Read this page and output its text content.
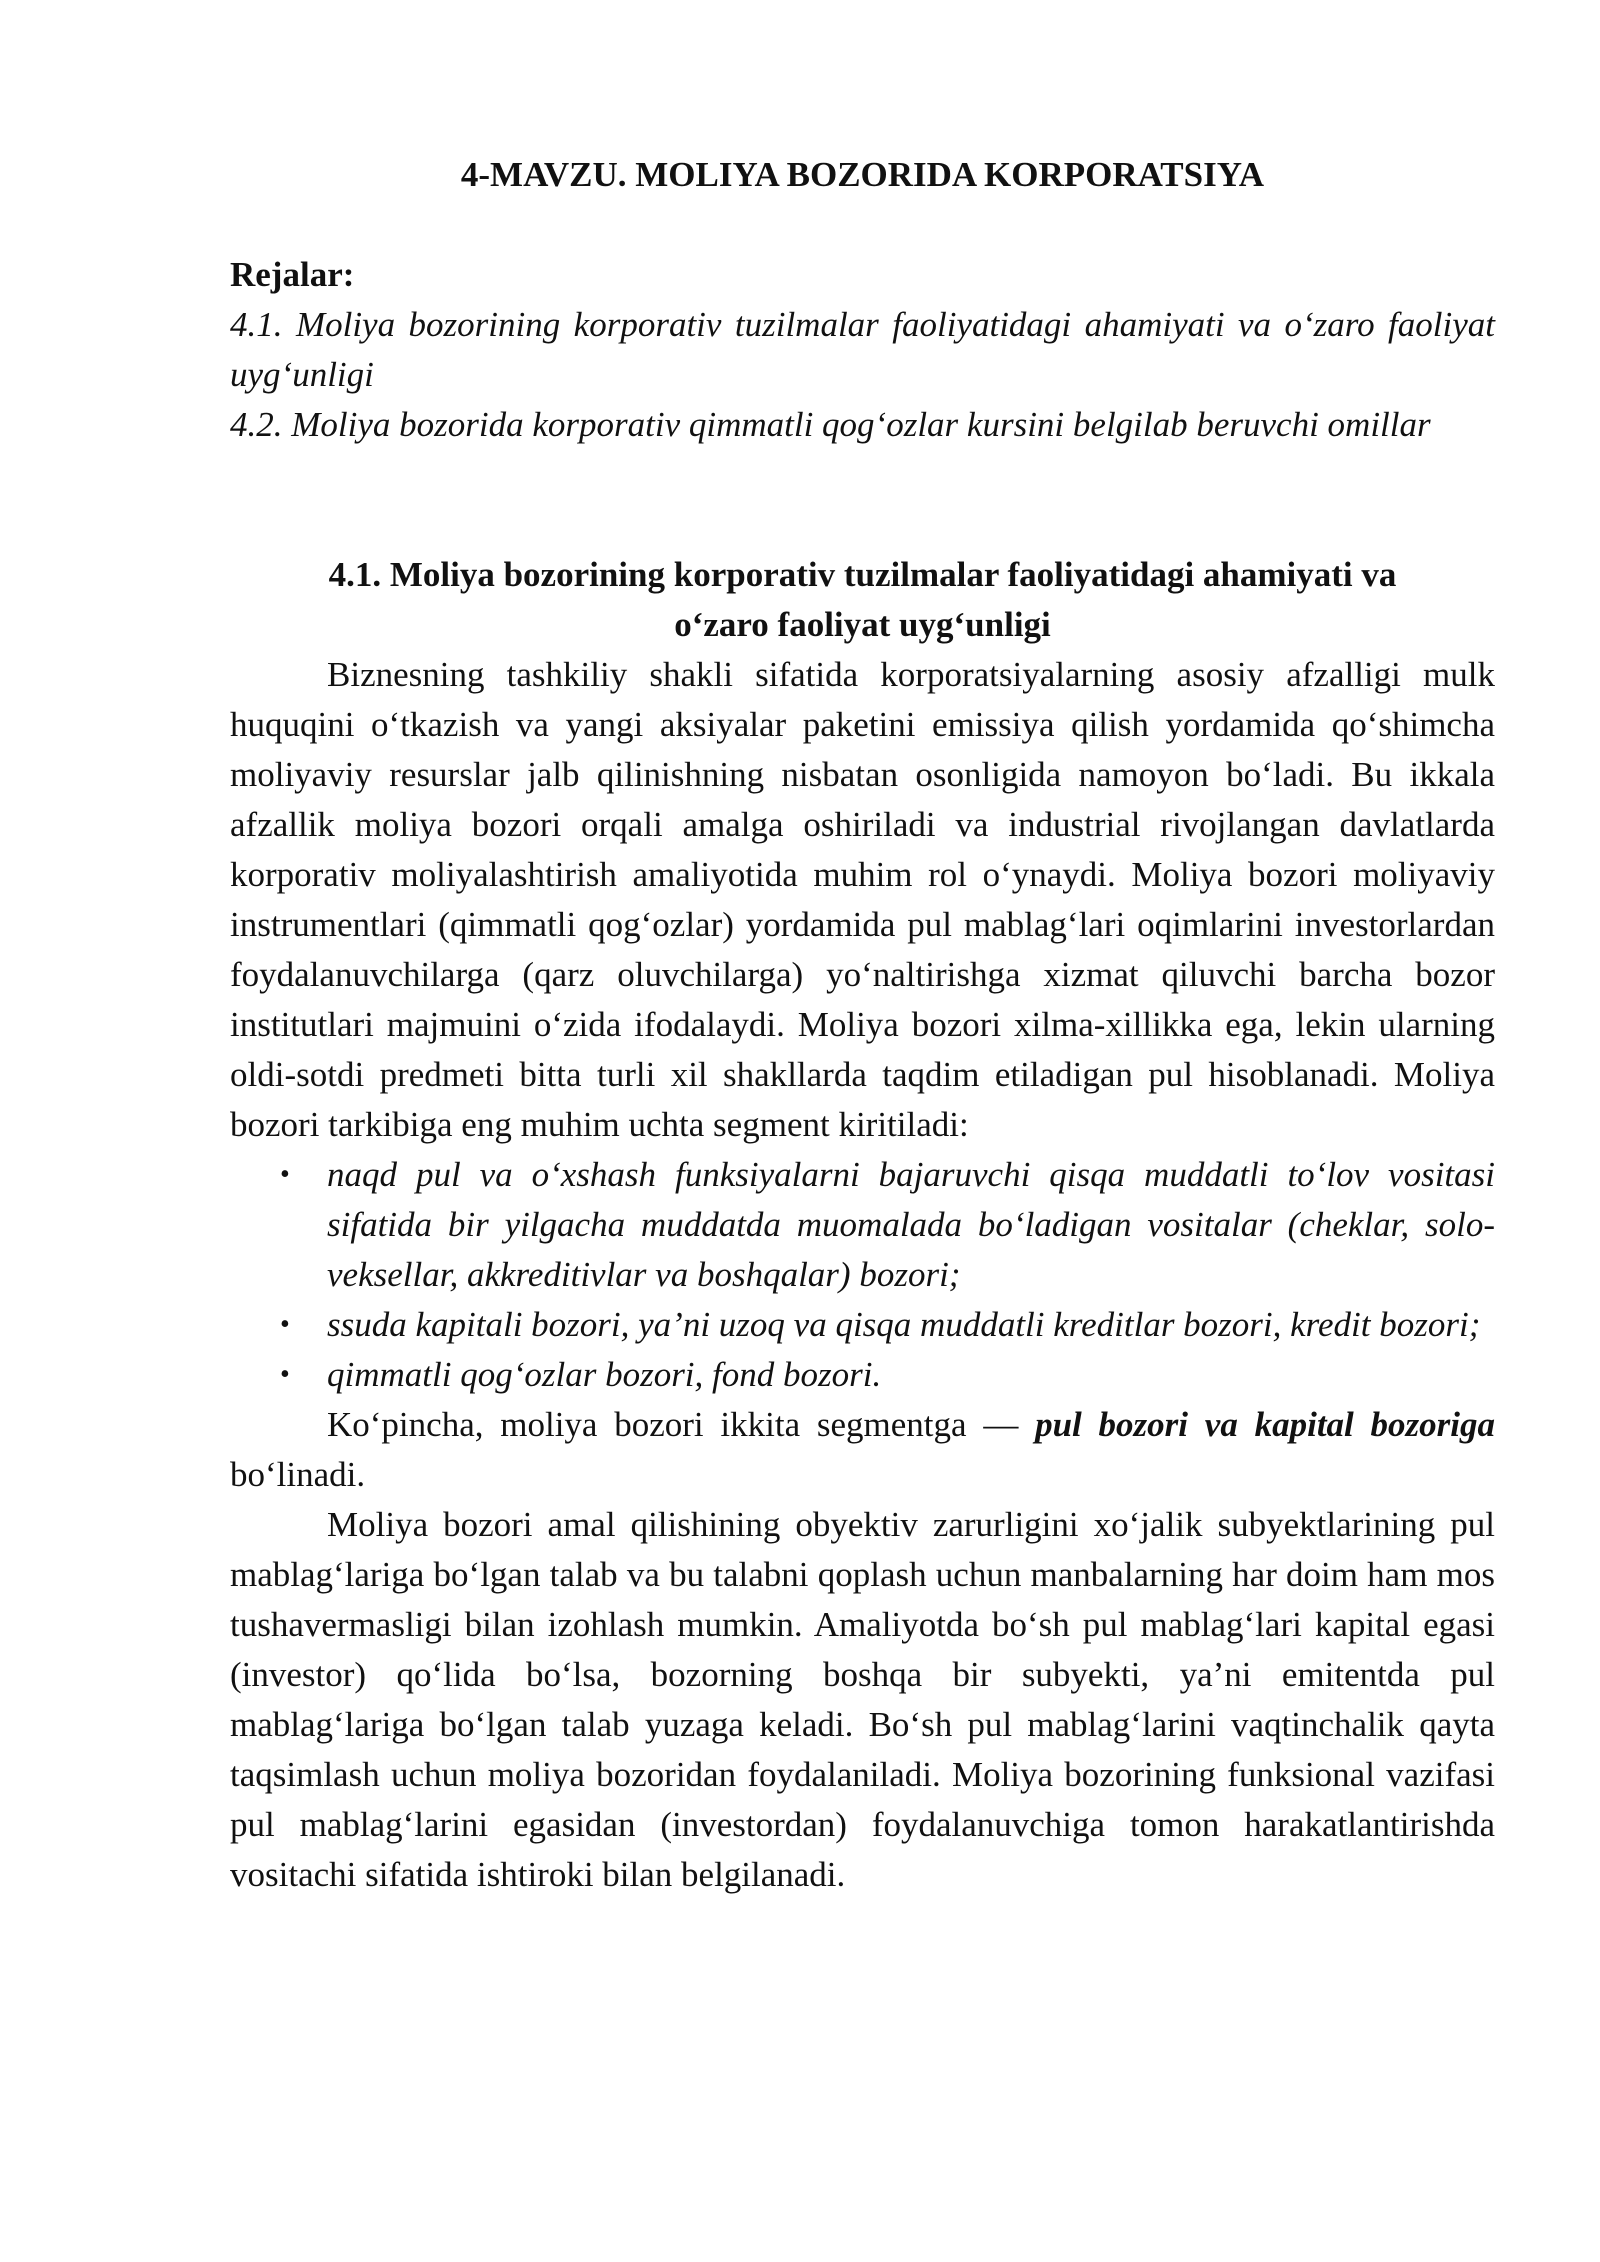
4-MAVZU. MOLIYA BOZORIDA KORPORATSIYA

Rejalar:

4.1. Moliya bozorining korporativ tuzilmalar faoliyatidagi ahamiyati va o‘zaro faoliyat uyg‘unligi

4.2. Moliya bozorida korporativ qimmatli qog‘ozlar kursini belgilab beruvchi omillar

4.1. Moliya bozorining korporativ tuzilmalar faoliyatidagi ahamiyati va
o‘zaro faoliyat uyg‘unligi

Biznesning tashkiliy shakli sifatida korporatsiyalarning asosiy afzalligi mulk huquqini o‘tkazish va yangi aksiyalar paketini emissiya qilish yordamida qo‘shimcha moliyaviy resurslar jalb qilinishning nisbatan osonligida namoyon bo‘ladi. Bu ikkala afzallik moliya bozori orqali amalga oshiriladi va industrial rivojlangan davlatlarda korporativ moliyalashtirish amaliyotida muhim rol o‘ynaydi. Moliya bozori moliyaviy instrumentlari (qimmatli qog‘ozlar) yordamida pul mablag‘lari oqimlarini investorlardan foydalanuvchilarga (qarz oluvchilarga) yo‘naltirishga xizmat qiluvchi barcha bozor institutlari majmuini o‘zida ifodalaydi. Moliya bozori xilma-xillikka ega, lekin ularning oldi-sotdi predmeti bitta turli xil shakllarda taqdim etiladigan pul hisoblanadi. Moliya bozori tarkibiga eng muhim uchta segment kiritiladi:

• naqd pul va o‘xshash funksiyalarni bajaruvchi qisqa muddatli to‘lov vositasi sifatida bir yilgacha muddatda muomalada bo‘ladigan vositalar (cheklar, solo-veksellar, akkreditivlar va boshqalar) bozori;
• ssuda kapitali bozori, ya’ni uzoq va qisqa muddatli kreditlar bozori, kredit bozori;
• qimmatli qog‘ozlar bozori, fond bozori.

Ko‘pincha, moliya bozori ikkita segmentga — pul bozori va kapital bozoriga bo‘linadi.

Moliya bozori amal qilishining obyektiv zarurligini xo‘jalik subyektlarining pul mablag‘lariga bo‘lgan talab va bu talabni qoplash uchun manbalarning har doim ham mos tushavermasligi bilan izohlash mumkin. Amaliyotda bo‘sh pul mablag‘lari kapital egasi (investor) qo‘lida bo‘lsa, bozorning boshqa bir subyekti, ya’ni emitentda pul mablag‘lariga bo‘lgan talab yuzaga keladi. Bo‘sh pul mablag‘larini vaqtinchalik qayta taqsimlash uchun moliya bozoridan foydalaniladi. Moliya bozorining funksional vazifasi pul mablag‘larini egasidan (investordan) foydalanuvchiga tomon harakatlantirishda vositachi sifatida ishtiroki bilan belgilanadi.
